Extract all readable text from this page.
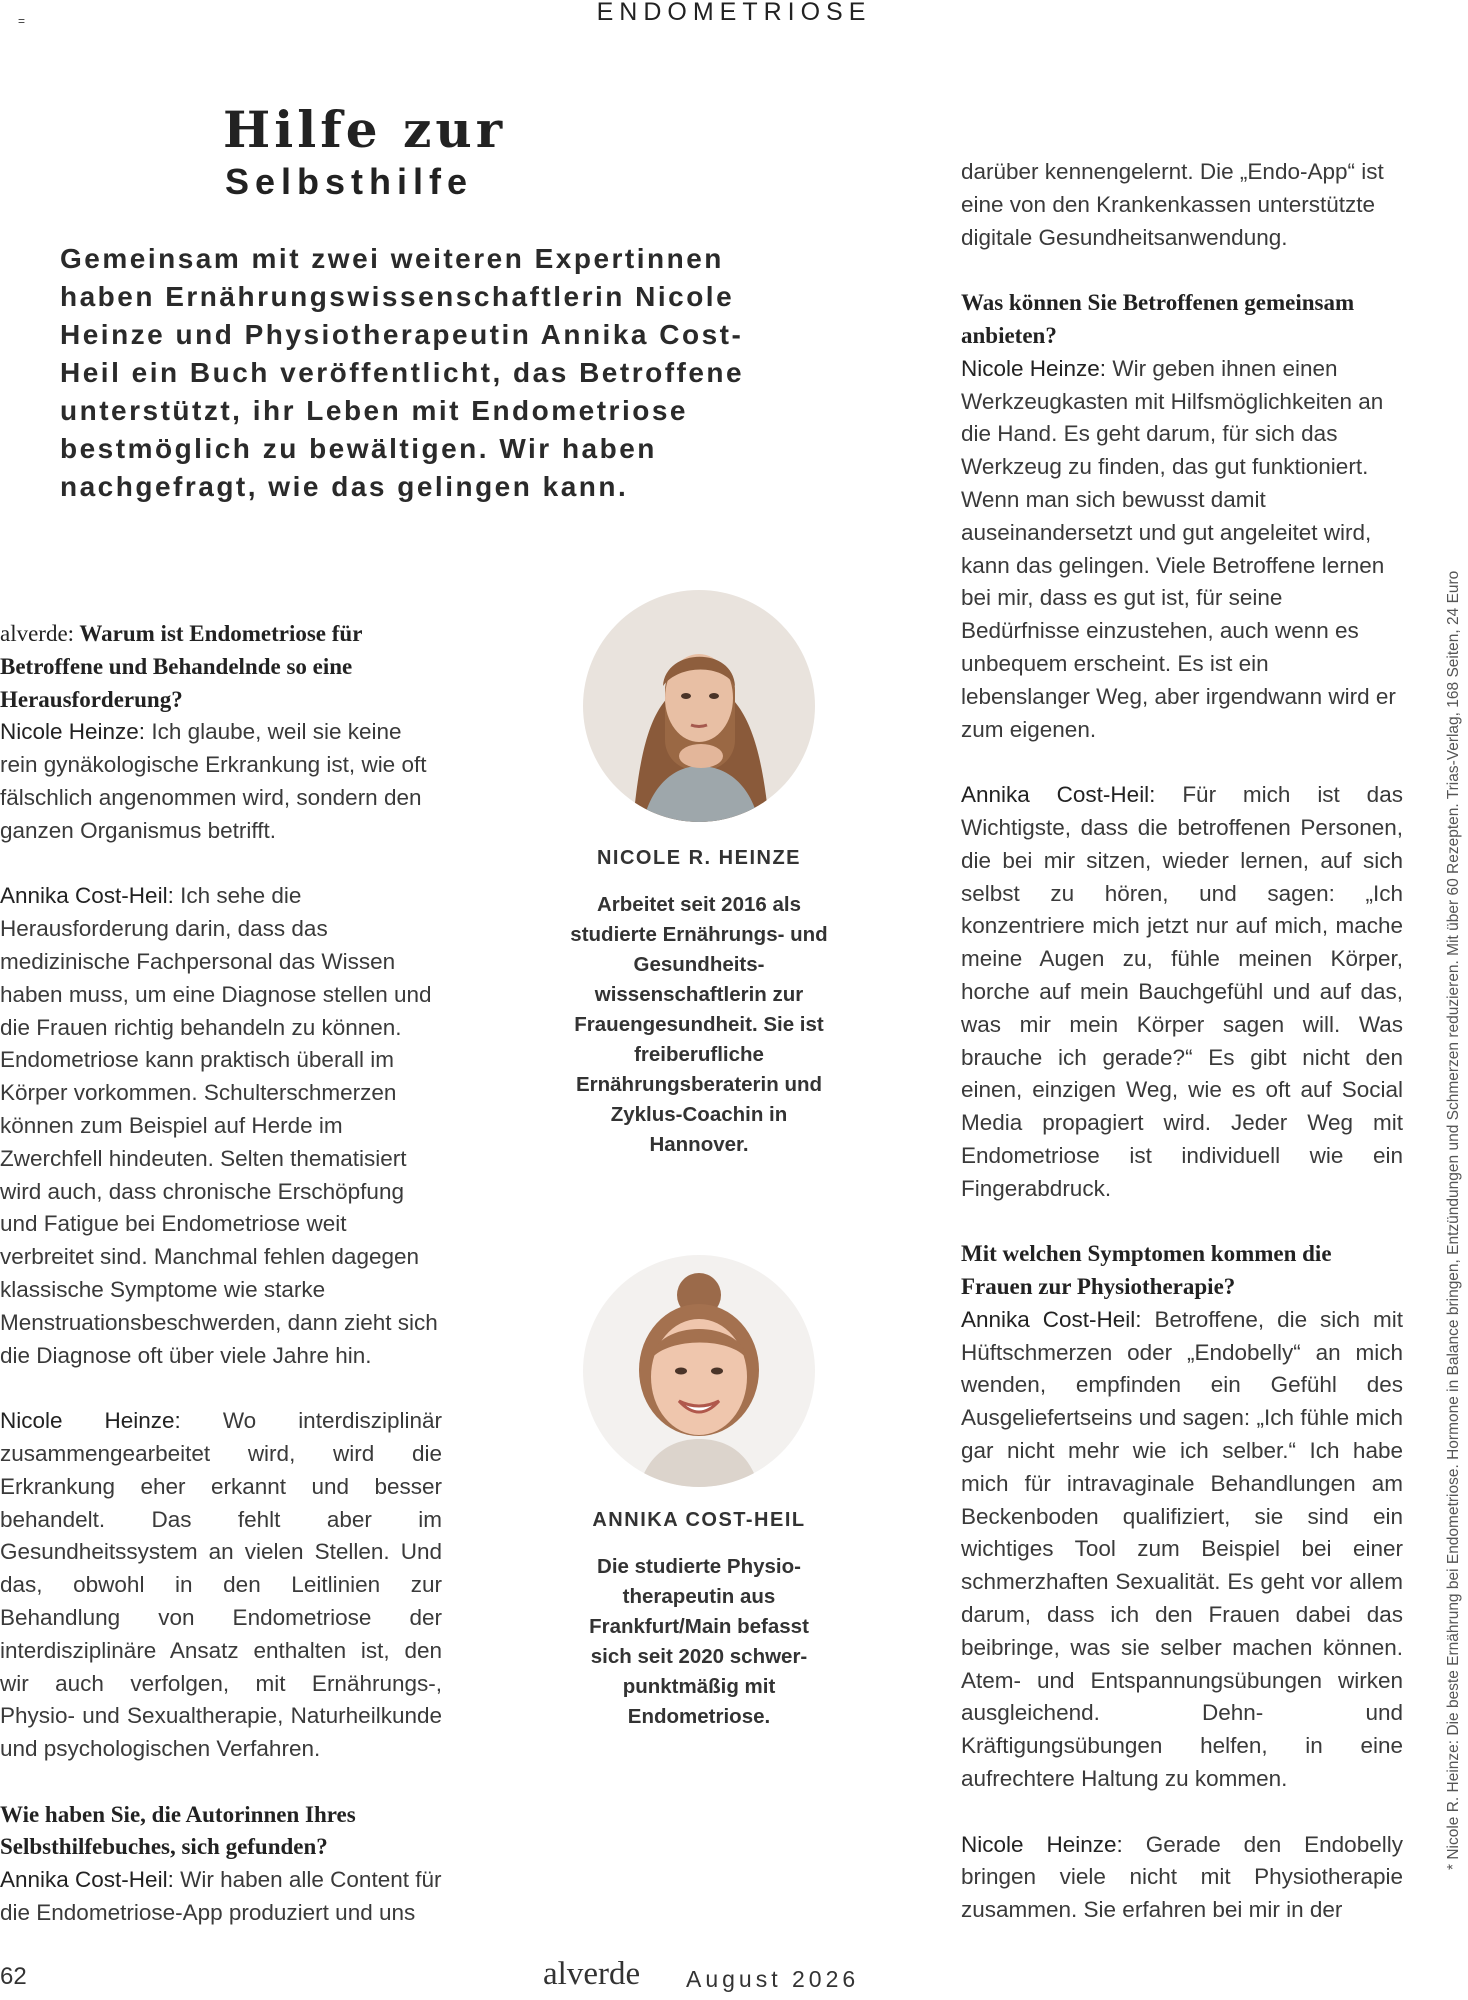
=	ENDOMETRIOSE
Hilfe zur
Selbsthilfe
Gemeinsam mit zwei weiteren Expertinnen haben Ernährungswissenschaftlerin Nicole Heinze und Physiotherapeutin Annika Cost-Heil ein Buch veröffentlicht, das Betroffene unterstützt, ihr Leben mit Endometriose bestmöglich zu bewältigen. Wir haben nachgefragt, wie das gelingen kann.

alverde: Warum ist Endometriose für Betroffene und Behandelnde so eine Herausforderung?

Nicole Heinze: Ich glaube, weil sie keine rein gynäkologische Erkrankung ist, wie oft fälschlich angenommen wird, sondern den ganzen Organismus betrifft.

Annika Cost-Heil: Ich sehe die Herausforderung darin, dass das medizinische Fachpersonal das Wissen haben muss, um eine Diagnose stellen und die Frauen richtig behandeln zu können. Endometriose kann praktisch überall im Körper vorkommen. Schulterschmerzen können zum Beispiel auf Herde im Zwerchfell hindeuten. Selten thematisiert wird auch, dass chronische Erschöpfung und Fatigue bei Endometriose weit verbreitet sind. Manchmal fehlen dagegen klassische Symptome wie starke Menstruationsbeschwerden, dann zieht sich die Diagnose oft über viele Jahre hin.

Nicole Heinze: Wo interdisziplinär zusammengearbeitet wird, wird die Erkrankung eher erkannt und besser behandelt. Das fehlt aber im Gesundheitssystem an vielen Stellen. Und das, obwohl in den Leitlinien zur Behandlung von Endometriose der interdisziplinäre Ansatz enthalten ist, den wir auch verfolgen, mit Ernährungs-, Physio- und Sexualtherapie, Naturheilkunde und psychologischen Verfahren.

Wie haben Sie, die Autorinnen Ihres Selbsthilfebuches, sich gefunden?

Annika Cost-Heil: Wir haben alle Content für die Endometriose-App produziert und uns

NICOLE R. HEINZE
Arbeitet seit 2016 als studierte Ernährungs- und Gesundheits- wissenschaftlerin zur Frauengesundheit. Sie ist freiberufliche Ernährungsberaterin und Zyklus-Coachin in Hannover.
ANNIKA COST-HEIL
Die studierte Physio- therapeutin aus Frankfurt/Main befasst sich seit 2020 schwer- punktmäßig mit Endometriose.

darüber kennengelernt. Die „Endo-App“ ist eine von den Krankenkassen unterstützte digitale Gesundheitsanwendung.

Was können Sie Betroffenen gemeinsam anbieten?

Nicole Heinze: Wir geben ihnen einen Werkzeugkasten mit Hilfsmöglichkeiten an die Hand. Es geht darum, für sich das Werkzeug zu finden, das gut funktioniert. Wenn man sich bewusst damit auseinandersetzt und gut angeleitet wird, kann das gelingen. Viele Betroffene lernen bei mir, dass es gut ist, für seine Bedürfnisse einzustehen, auch wenn es unbequem erscheint. Es ist ein lebenslanger Weg, aber irgendwann wird er zum eigenen.

Annika Cost-Heil: Für mich ist das Wichtigste, dass die betroffenen Personen, die bei mir sitzen, wieder lernen, auf sich selbst zu hören, und sagen: „Ich konzentriere mich jetzt nur auf mich, mache meine Augen zu, fühle meinen Körper, horche auf mein Bauchgefühl und auf das, was mir mein Körper sagen will. Was brauche ich gerade?“ Es gibt nicht den einen, einzigen Weg, wie es oft auf Social Media propagiert wird. Jeder Weg mit Endometriose ist individuell wie ein Fingerabdruck.

Mit welchen Symptomen kommen die Frauen zur Physiotherapie?

Annika Cost-Heil: Betroffene, die sich mit Hüftschmerzen oder „Endobelly“ an mich wenden, empfinden ein Gefühl des Ausgeliefertseins und sagen: „Ich fühle mich gar nicht mehr wie ich selber.“ Ich habe mich für intravaginale Behandlungen am Beckenboden qualifiziert, sie sind ein wichtiges Tool zum Beispiel bei einer schmerzhaften Sexualität. Es geht vor allem darum, dass ich den Frauen dabei das beibringe, was sie selber machen können. Atem- und Entspannungsübungen wirken ausgleichend. Dehn- und Kräftigungsübungen helfen, in eine aufrechtere Haltung zu kommen.

Nicole Heinze: Gerade den Endobelly bringen viele nicht mit Physiotherapie zusammen. Sie erfahren bei mir in der

* Nicole R. Heinze: Die beste Ernährung bei Endometriose. Hormone in Balance bringen, Entzündungen und Schmerzen reduzieren. Mit über 60 Rezepten. Trias-Verlag, 168 Seiten, 24 Euro
62	alverde August 2026
